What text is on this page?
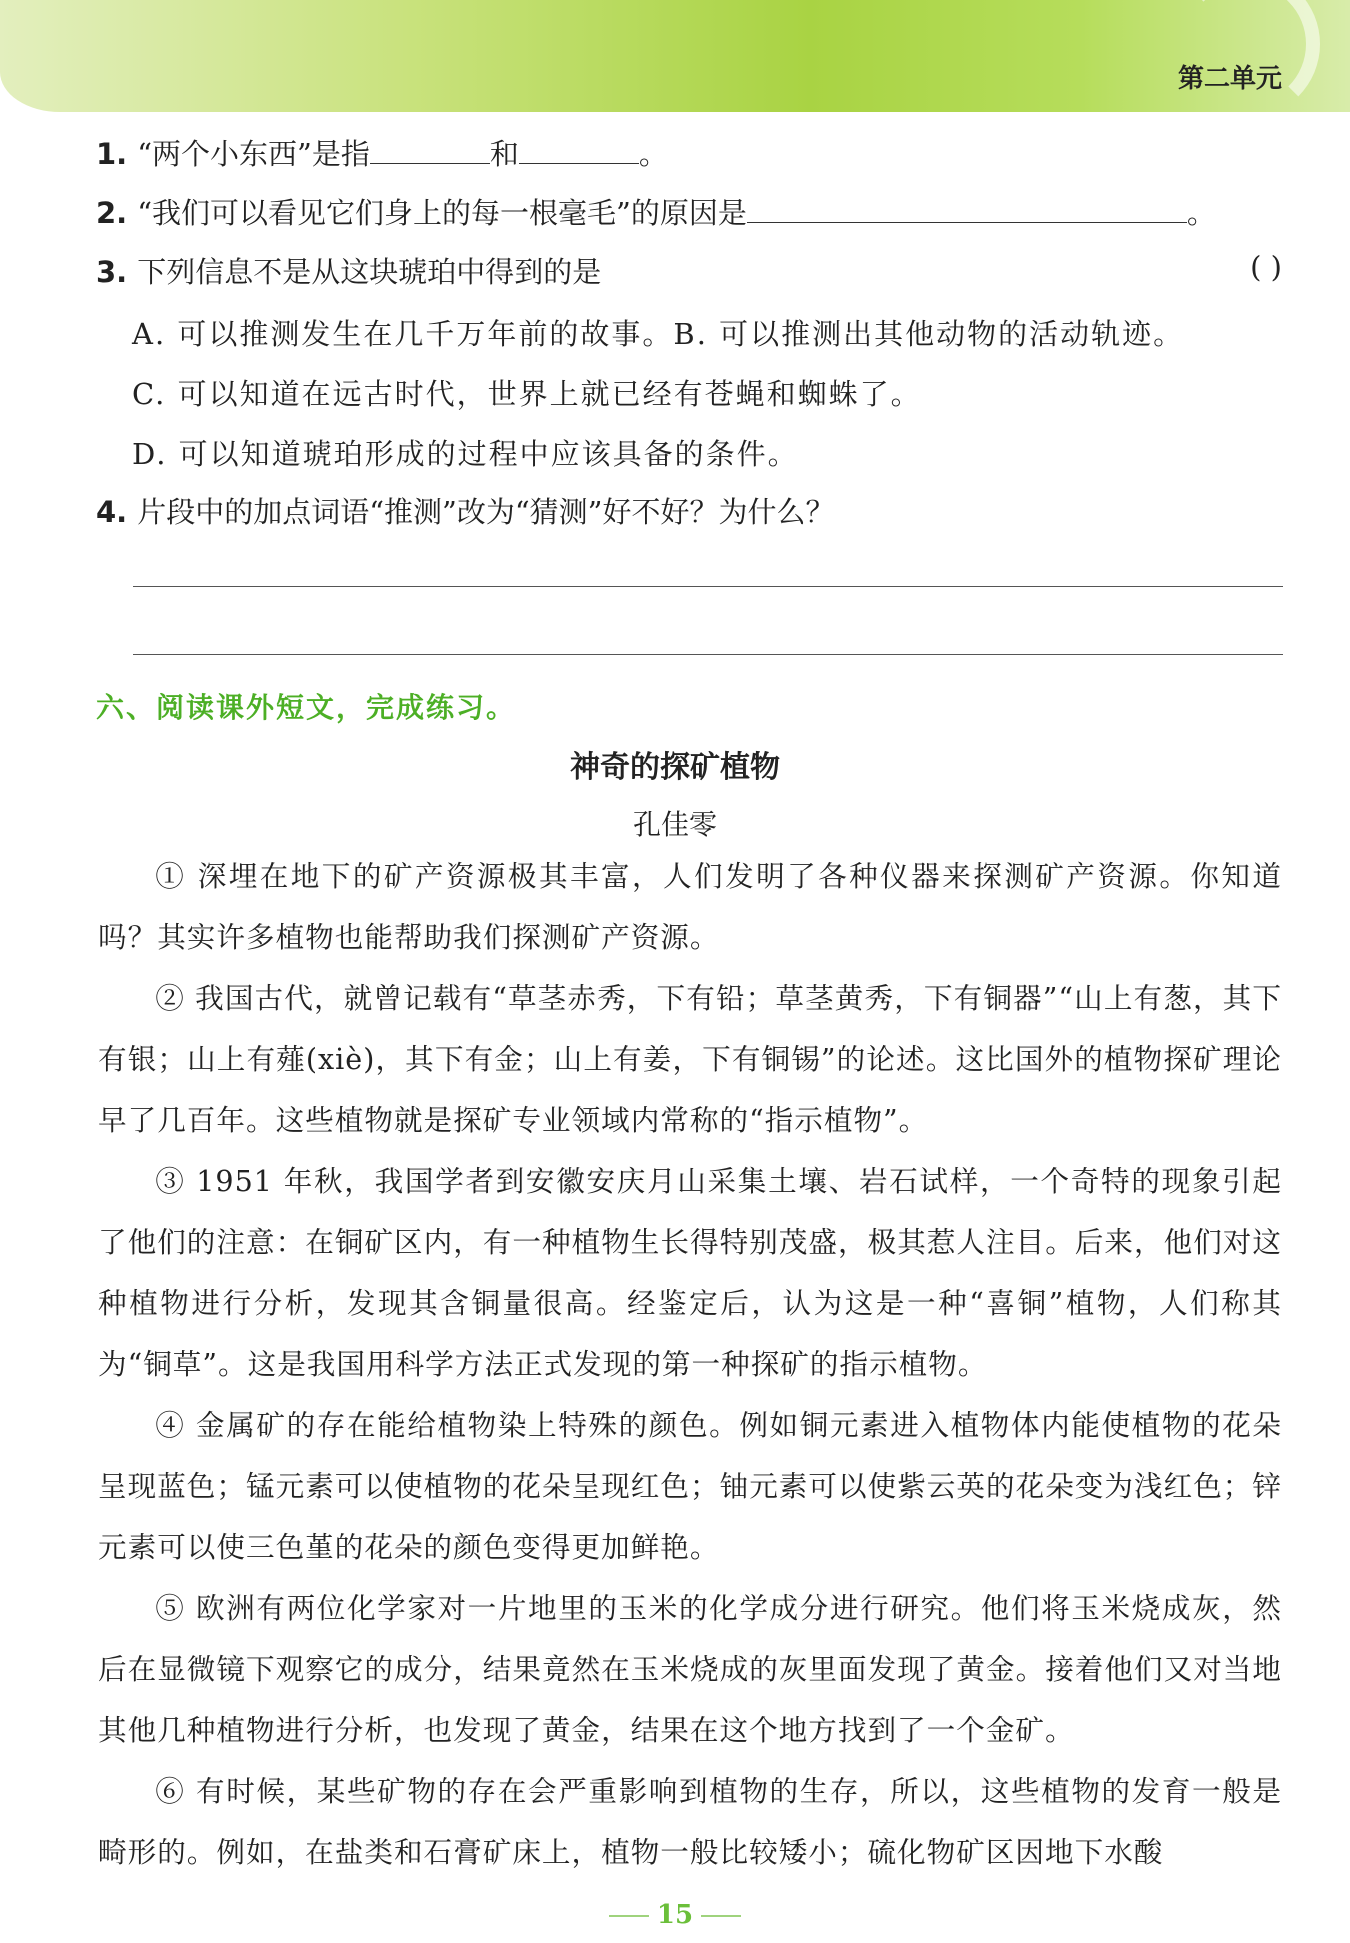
第二单元
1. “两个小东西”是指	和	。
2. “我们可以看见它们身上的每一根毫毛”的原因是	。
3. 下列信息不是从这块琥珀中得到的是	( )
A. 可以推测发生在几千万年前的故事。B. 可以推测出其他动物的活动轨迹。
C. 可以知道在远古时代，世界上就已经有苍蝇和蜘蛛了。
D. 可以知道琥珀形成的过程中应该具备的条件。
4. 片段中的加点词语“推测”改为“猜测”好不好？为什么？
六、阅读课外短文，完成练习。
神奇的探矿植物
孔佳零
① 深埋在地下的矿产资源极其丰富，人们发明了各种仪器来探测矿产资源。你知道吗？其实许多植物也能帮助我们探测矿产资源。
② 我国古代，就曾记载有“草茎赤秀，下有铅；草茎黄秀，下有铜器”“山上有葱，其下有银；山上有薤(xiè)，其下有金；山上有姜，下有铜锡”的论述。这比国外的植物探矿理论早了几百年。这些植物就是探矿专业领域内常称的“指示植物”。
③ 1951 年秋，我国学者到安徽安庆月山采集土壤、岩石试样，一个奇特的现象引起了他们的注意：在铜矿区内，有一种植物生长得特别茂盛，极其惹人注目。后来，他们对这种植物进行分析，发现其含铜量很高。经鉴定后，认为这是一种“喜铜”植物，人们称其为“铜草”。这是我国用科学方法正式发现的第一种探矿的指示植物。
④ 金属矿的存在能给植物染上特殊的颜色。例如铜元素进入植物体内能使植物的花朵呈现蓝色；锰元素可以使植物的花朵呈现红色；铀元素可以使紫云英的花朵变为浅红色；锌元素可以使三色堇的花朵的颜色变得更加鲜艳。
⑤ 欧洲有两位化学家对一片地里的玉米的化学成分进行研究。他们将玉米烧成灰，然后在显微镜下观察它的成分，结果竟然在玉米烧成的灰里面发现了黄金。接着他们又对当地其他几种植物进行分析，也发现了黄金，结果在这个地方找到了一个金矿。
⑥ 有时候，某些矿物的存在会严重影响到植物的生存，所以，这些植物的发育一般是畸形的。例如，在盐类和石膏矿床上，植物一般比较矮小；硫化物矿区因地下水酸
15
